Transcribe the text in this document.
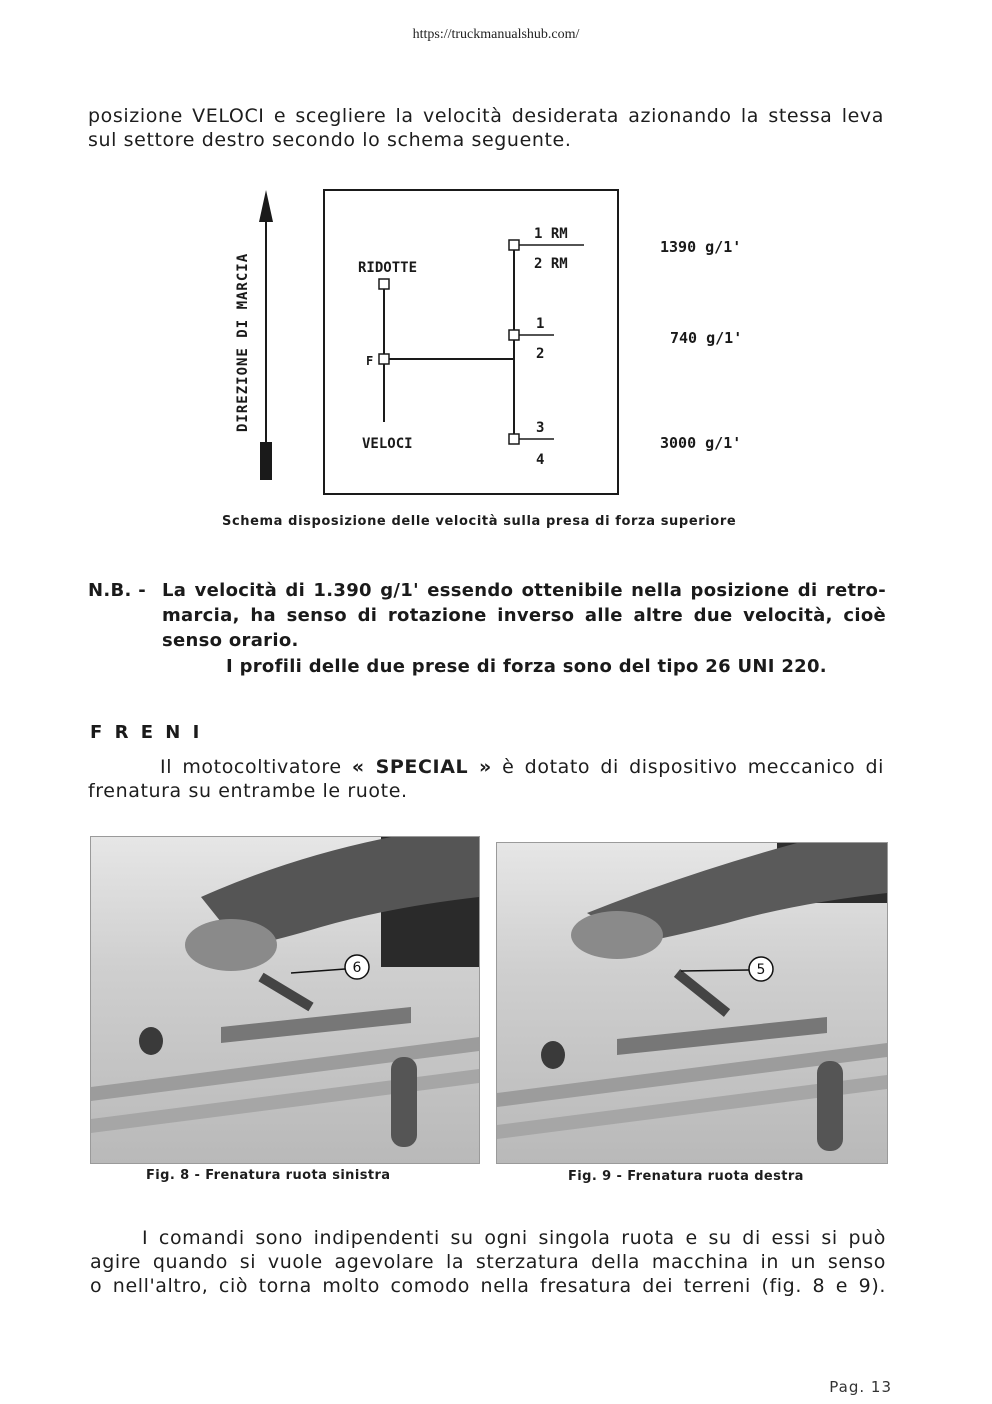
https://truckmanualshub.com/

posizione VELOCI e scegliere la velocità desiderata azionando la stessa leva

sul settore destro secondo lo schema seguente.

DIREZIONE DI MARCIA	RIDOTTE
VELOCI
F
1 RM
2 RM
1
2
3
4
1390 g/1'
740 g/1'
3000 g/1'
Schema disposizione delle velocità sulla presa di forza superiore
N.B. - La velocità di 1.390 g/1' essendo ottenibile nella posizione di retro-
marcia, ha senso di rotazione inverso alle altre due velocità, cioè
senso orario.
I profili delle due prese di forza sono del tipo 26 UNI 220.
F R E N I

Il motocoltivatore « SPECIAL » è dotato di dispositivo meccanico di

frenatura su entrambe le ruote.

6
Fig. 8 - Frenatura ruota sinistra
5
Fig. 9 - Frenatura ruota destra

I comandi sono indipendenti su ogni singola ruota e su di essi si può

agire quando si vuole agevolare la sterzatura della macchina in un senso

o nell'altro, ciò torna molto comodo nella fresatura dei terreni (fig. 8 e 9).

Pag. 13
